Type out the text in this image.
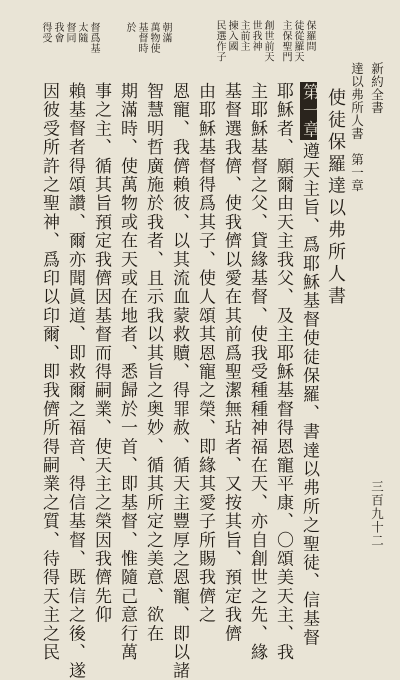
新約全書
達以弗所人書　第一章
三百九十二
保羅問
徒從羅天
主保聖門
創世前天
世我神
主前主
揀入國
民選作子
朝滿
萬物使
基督時
於
督爲基
太隨
督同
我會
得受
使徒保羅達以弗所人書
第一章遵天主旨、爲耶穌基督使徒保羅、書達以弗所之聖徒、信基督
耶穌者、願爾由天主我父、及主耶穌基督得恩寵平康、〇頌美天主、我
主耶穌基督之父、貸緣基督、使我受種種神福在天、亦自創世之先、緣
基督選我儕、使我儕以愛在其前爲聖潔無玷者、又按其旨、預定我儕
由耶穌基督得爲其子、使人頌其恩寵之榮、即緣其愛子所賜我儕之
恩寵、我儕賴彼、以其流血蒙救贖、得罪赦、循天主豐厚之恩寵、即以諸
智慧明哲廣施於我者、且示我以其旨之奥妙、循其所定之美意、欲在
期滿時、使萬物或在天或在地者、悉歸於一首、即基督、惟隨己意行萬
事之主、循其旨預定我儕因基督而得嗣業、使天主之榮因我儕先仰
賴基督者得頌讚、爾亦聞眞道、即救爾之福音、得信基督、既信之後、遂
因彼受所許之聖神、爲印以印爾、即我儕所得嗣業之質、待得天主之民
